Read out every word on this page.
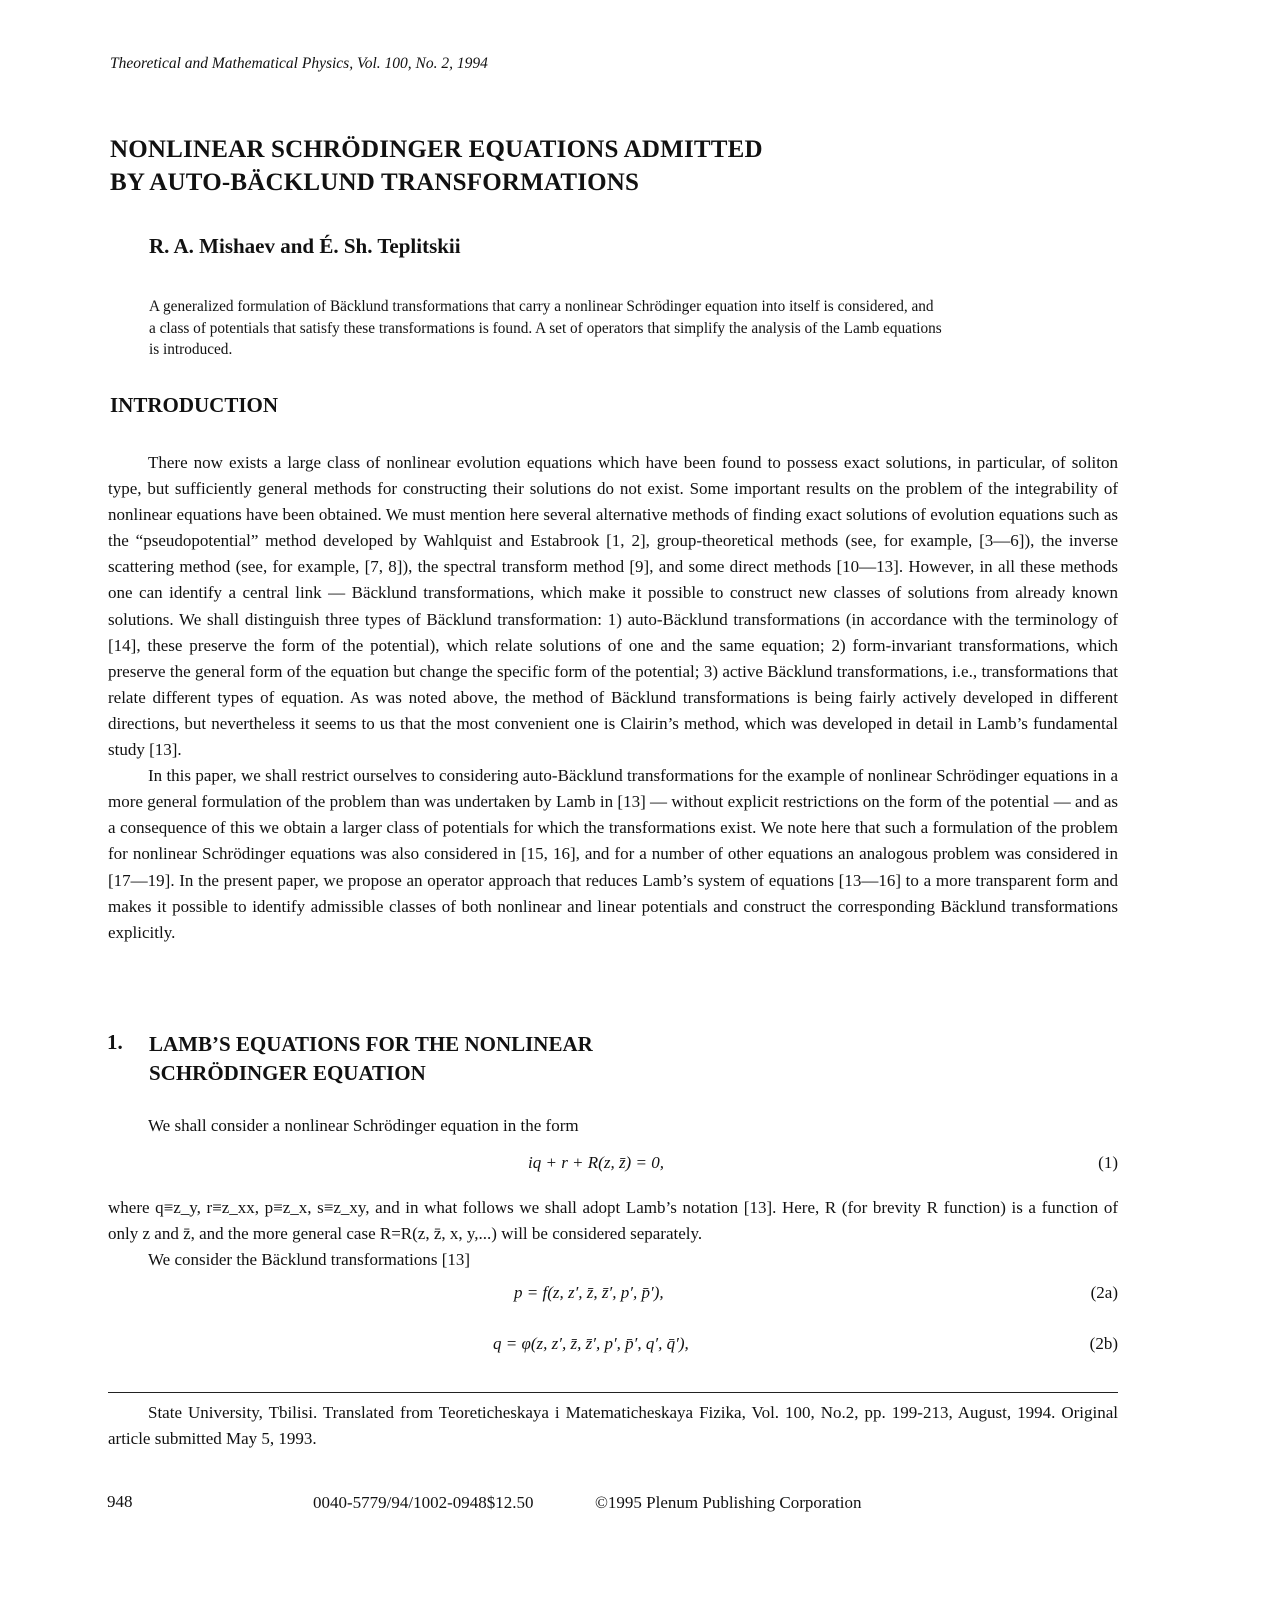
Theoretical and Mathematical Physics, Vol. 100, No. 2, 1994
NONLINEAR SCHRÖDINGER EQUATIONS ADMITTED
BY AUTO-BÄCKLUND TRANSFORMATIONS
R. A. Mishaev and É. Sh. Teplitskii
A generalized formulation of Bäcklund transformations that carry a nonlinear Schrödinger equation into itself is considered, and
a class of potentials that satisfy these transformations is found. A set of operators that simplify the analysis of the Lamb equations
is introduced.
INTRODUCTION

There now exists a large class of nonlinear evolution equations which have been found to possess exact solutions, in particular, of soliton type, but sufficiently general methods for constructing their solutions do not exist. Some important results on the problem of the integrability of nonlinear equations have been obtained. We must mention here several alternative methods of finding exact solutions of evolution equations such as the “pseudopotential” method developed by Wahlquist and Estabrook [1, 2], group-theoretical methods (see, for example, [3—6]), the inverse scattering method (see, for example, [7, 8]), the spectral transform method [9], and some direct methods [10—13]. However, in all these methods one can identify a central link — Bäcklund transformations, which make it possible to construct new classes of solutions from already known solutions. We shall distinguish three types of Bäcklund transformation: 1) auto-Bäcklund transformations (in accordance with the terminology of [14], these preserve the form of the potential), which relate solutions of one and the same equation; 2) form-invariant transformations, which preserve the general form of the equation but change the specific form of the potential; 3) active Bäcklund transformations, i.e., transformations that relate different types of equation. As was noted above, the method of Bäcklund transformations is being fairly actively developed in different directions, but nevertheless it seems to us that the most convenient one is Clairin’s method, which was developed in detail in Lamb’s fundamental study [13].

In this paper, we shall restrict ourselves to considering auto-Bäcklund transformations for the example of nonlinear Schrödinger equations in a more general formulation of the problem than was undertaken by Lamb in [13] — without explicit restrictions on the form of the potential — and as a consequence of this we obtain a larger class of potentials for which the transformations exist. We note here that such a formulation of the problem for nonlinear Schrödinger equations was also considered in [15, 16], and for a number of other equations an analogous problem was considered in [17—19]. In the present paper, we propose an operator approach that reduces Lamb’s system of equations [13—16] to a more transparent form and makes it possible to identify admissible classes of both nonlinear and linear potentials and construct the corresponding Bäcklund transformations explicitly.

1. LAMB’S EQUATIONS FOR THE NONLINEAR
SCHRÖDINGER EQUATION

We shall consider a nonlinear Schrödinger equation in the form

iq + r + R(z, z̄) = 0,	(1)

where q≡z_y, r≡z_xx, p≡z_x, s≡z_xy, and in what follows we shall adopt Lamb’s notation [13]. Here, R (for brevity R function) is a function of only z and z̄, and the more general case R=R(z, z̄, x, y,...) will be considered separately.

We consider the Bäcklund transformations [13]

p = f(z, z′, z̄, z̄′, p′, p̄′),	(2a)
q = φ(z, z′, z̄, z̄′, p′, p̄′, q′, q̄′),	(2b)

State University, Tbilisi. Translated from Teoreticheskaya i Matematicheskaya Fizika, Vol. 100, No.2, pp. 199-213, August, 1994. Original article submitted May 5, 1993.

948	0040-5779/94/1002-0948$12.50	©1995 Plenum Publishing Corporation
